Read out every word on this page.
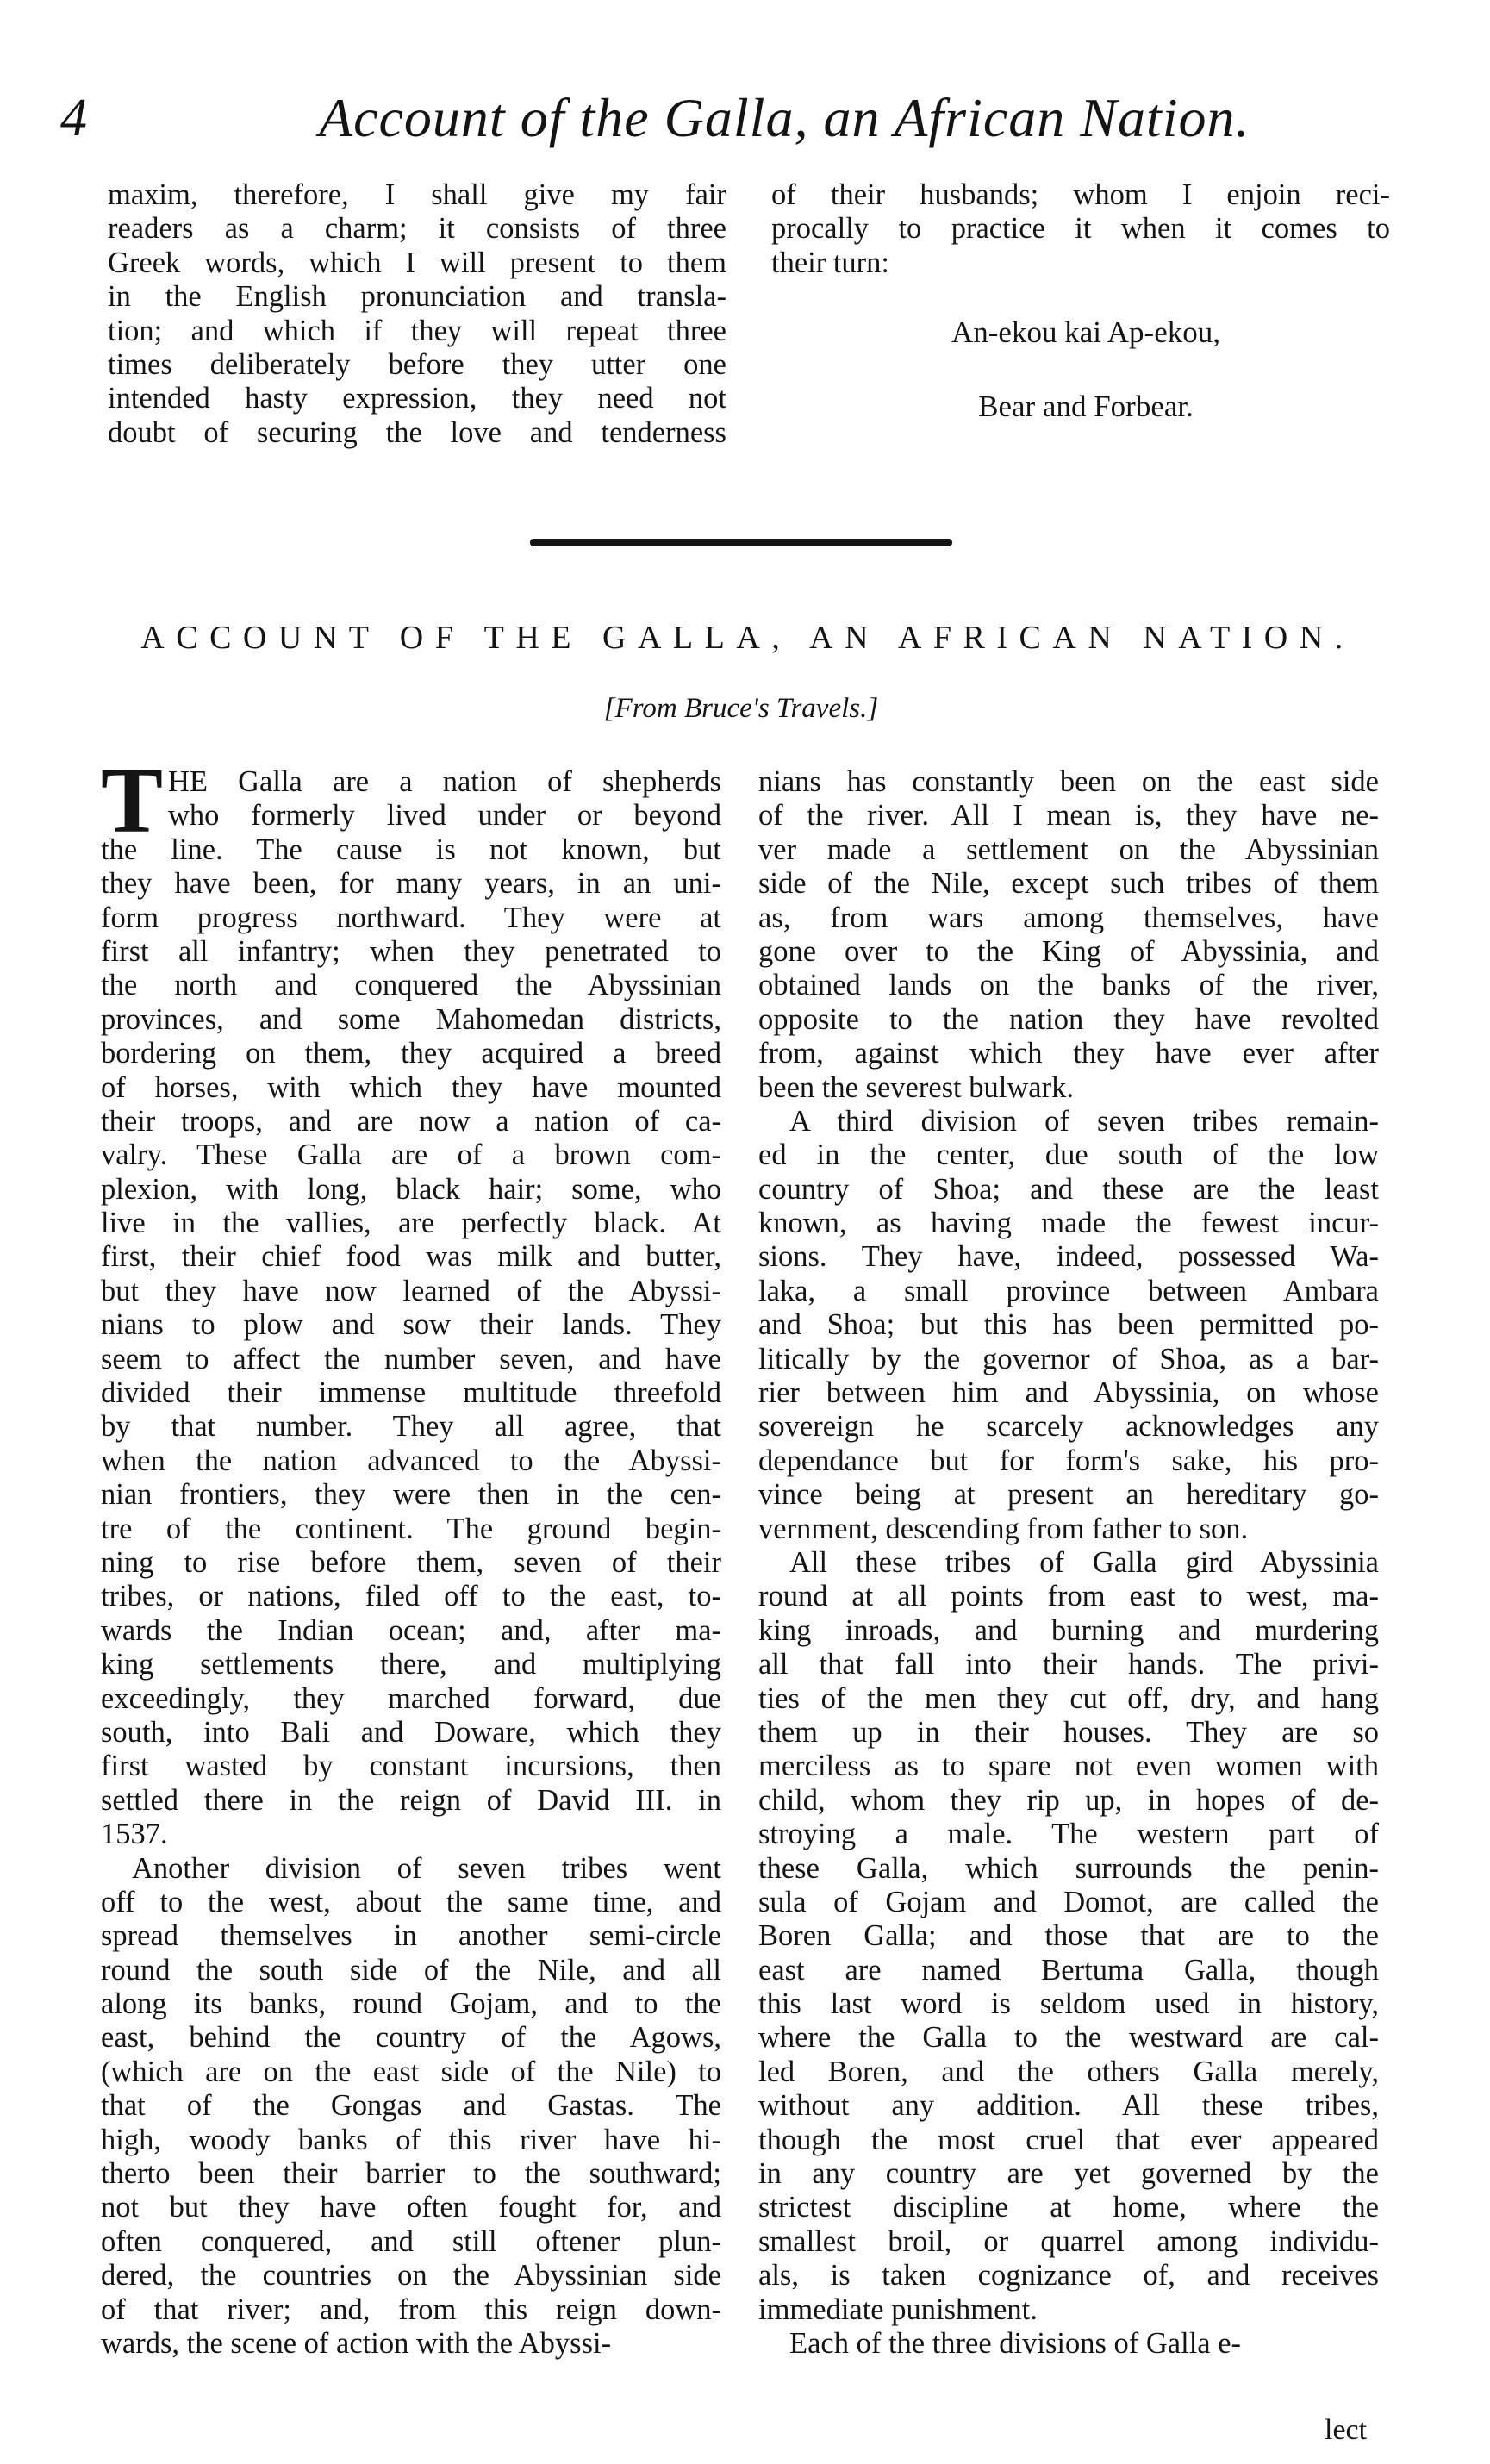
4	Account of the Galla, an African Nation.
maxim, therefore, I shall give my fair
readers as a charm; it consists of three
Greek words, which I will present to them
in the English pronunciation and transla-
tion; and which if they will repeat three
times deliberately before they utter one
intended hasty expression, they need not
doubt of securing the love and tenderness
of their husbands; whom I enjoin reci-
procally to practice it when it comes to
their turn:
An-ekou kai Ap-ekou,
Bear and Forbear.
ACCOUNT OF THE GALLA, AN AFRICAN NATION.
[From Bruce's Travels.]
T HE Galla are a nation of shepherds
who formerly lived under or beyond
the line. The cause is not known, but
they have been, for many years, in an uni-
form progress northward. They were at
first all infantry; when they penetrated to
the north and conquered the Abyssinian
provinces, and some Mahomedan districts,
bordering on them, they acquired a breed
of horses, with which they have mounted
their troops, and are now a nation of ca-
valry. These Galla are of a brown com-
plexion, with long, black hair; some, who
live in the vallies, are perfectly black. At
first, their chief food was milk and butter,
but they have now learned of the Abyssi-
nians to plow and sow their lands. They
seem to affect the number seven, and have
divided their immense multitude threefold
by that number. They all agree, that
when the nation advanced to the Abyssi-
nian frontiers, they were then in the cen-
tre of the continent. The ground begin-
ning to rise before them, seven of their
tribes, or nations, filed off to the east, to-
wards the Indian ocean; and, after ma-
king settlements there, and multiplying
exceedingly, they marched forward, due
south, into Bali and Doware, which they
first wasted by constant incursions, then
settled there in the reign of David III. in
1537.
Another division of seven tribes went
off to the west, about the same time, and
spread themselves in another semi-circle
round the south side of the Nile, and all
along its banks, round Gojam, and to the
east, behind the country of the Agows,
(which are on the east side of the Nile) to
that of the Gongas and Gastas. The
high, woody banks of this river have hi-
therto been their barrier to the southward;
not but they have often fought for, and
often conquered, and still oftener plun-
dered, the countries on the Abyssinian side
of that river; and, from this reign down-
wards, the scene of action with the Abyssi-
nians has constantly been on the east side
of the river. All I mean is, they have ne-
ver made a settlement on the Abyssinian
side of the Nile, except such tribes of them
as, from wars among themselves, have
gone over to the King of Abyssinia, and
obtained lands on the banks of the river,
opposite to the nation they have revolted
from, against which they have ever after
been the severest bulwark.
A third division of seven tribes remain-
ed in the center, due south of the low
country of Shoa; and these are the least
known, as having made the fewest incur-
sions. They have, indeed, possessed Wa-
laka, a small province between Ambara
and Shoa; but this has been permitted po-
litically by the governor of Shoa, as a bar-
rier between him and Abyssinia, on whose
sovereign he scarcely acknowledges any
dependance but for form's sake, his pro-
vince being at present an hereditary go-
vernment, descending from father to son.
All these tribes of Galla gird Abyssinia
round at all points from east to west, ma-
king inroads, and burning and murdering
all that fall into their hands. The privi-
ties of the men they cut off, dry, and hang
them up in their houses. They are so
merciless as to spare not even women with
child, whom they rip up, in hopes of de-
stroying a male. The western part of
these Galla, which surrounds the penin-
sula of Gojam and Domot, are called the
Boren Galla; and those that are to the
east are named Bertuma Galla, though
this last word is seldom used in history,
where the Galla to the westward are cal-
led Boren, and the others Galla merely,
without any addition. All these tribes,
though the most cruel that ever appeared
in any country are yet governed by the
strictest discipline at home, where the
smallest broil, or quarrel among individu-
als, is taken cognizance of, and receives
immediate punishment.
Each of the three divisions of Galla e-
lect
